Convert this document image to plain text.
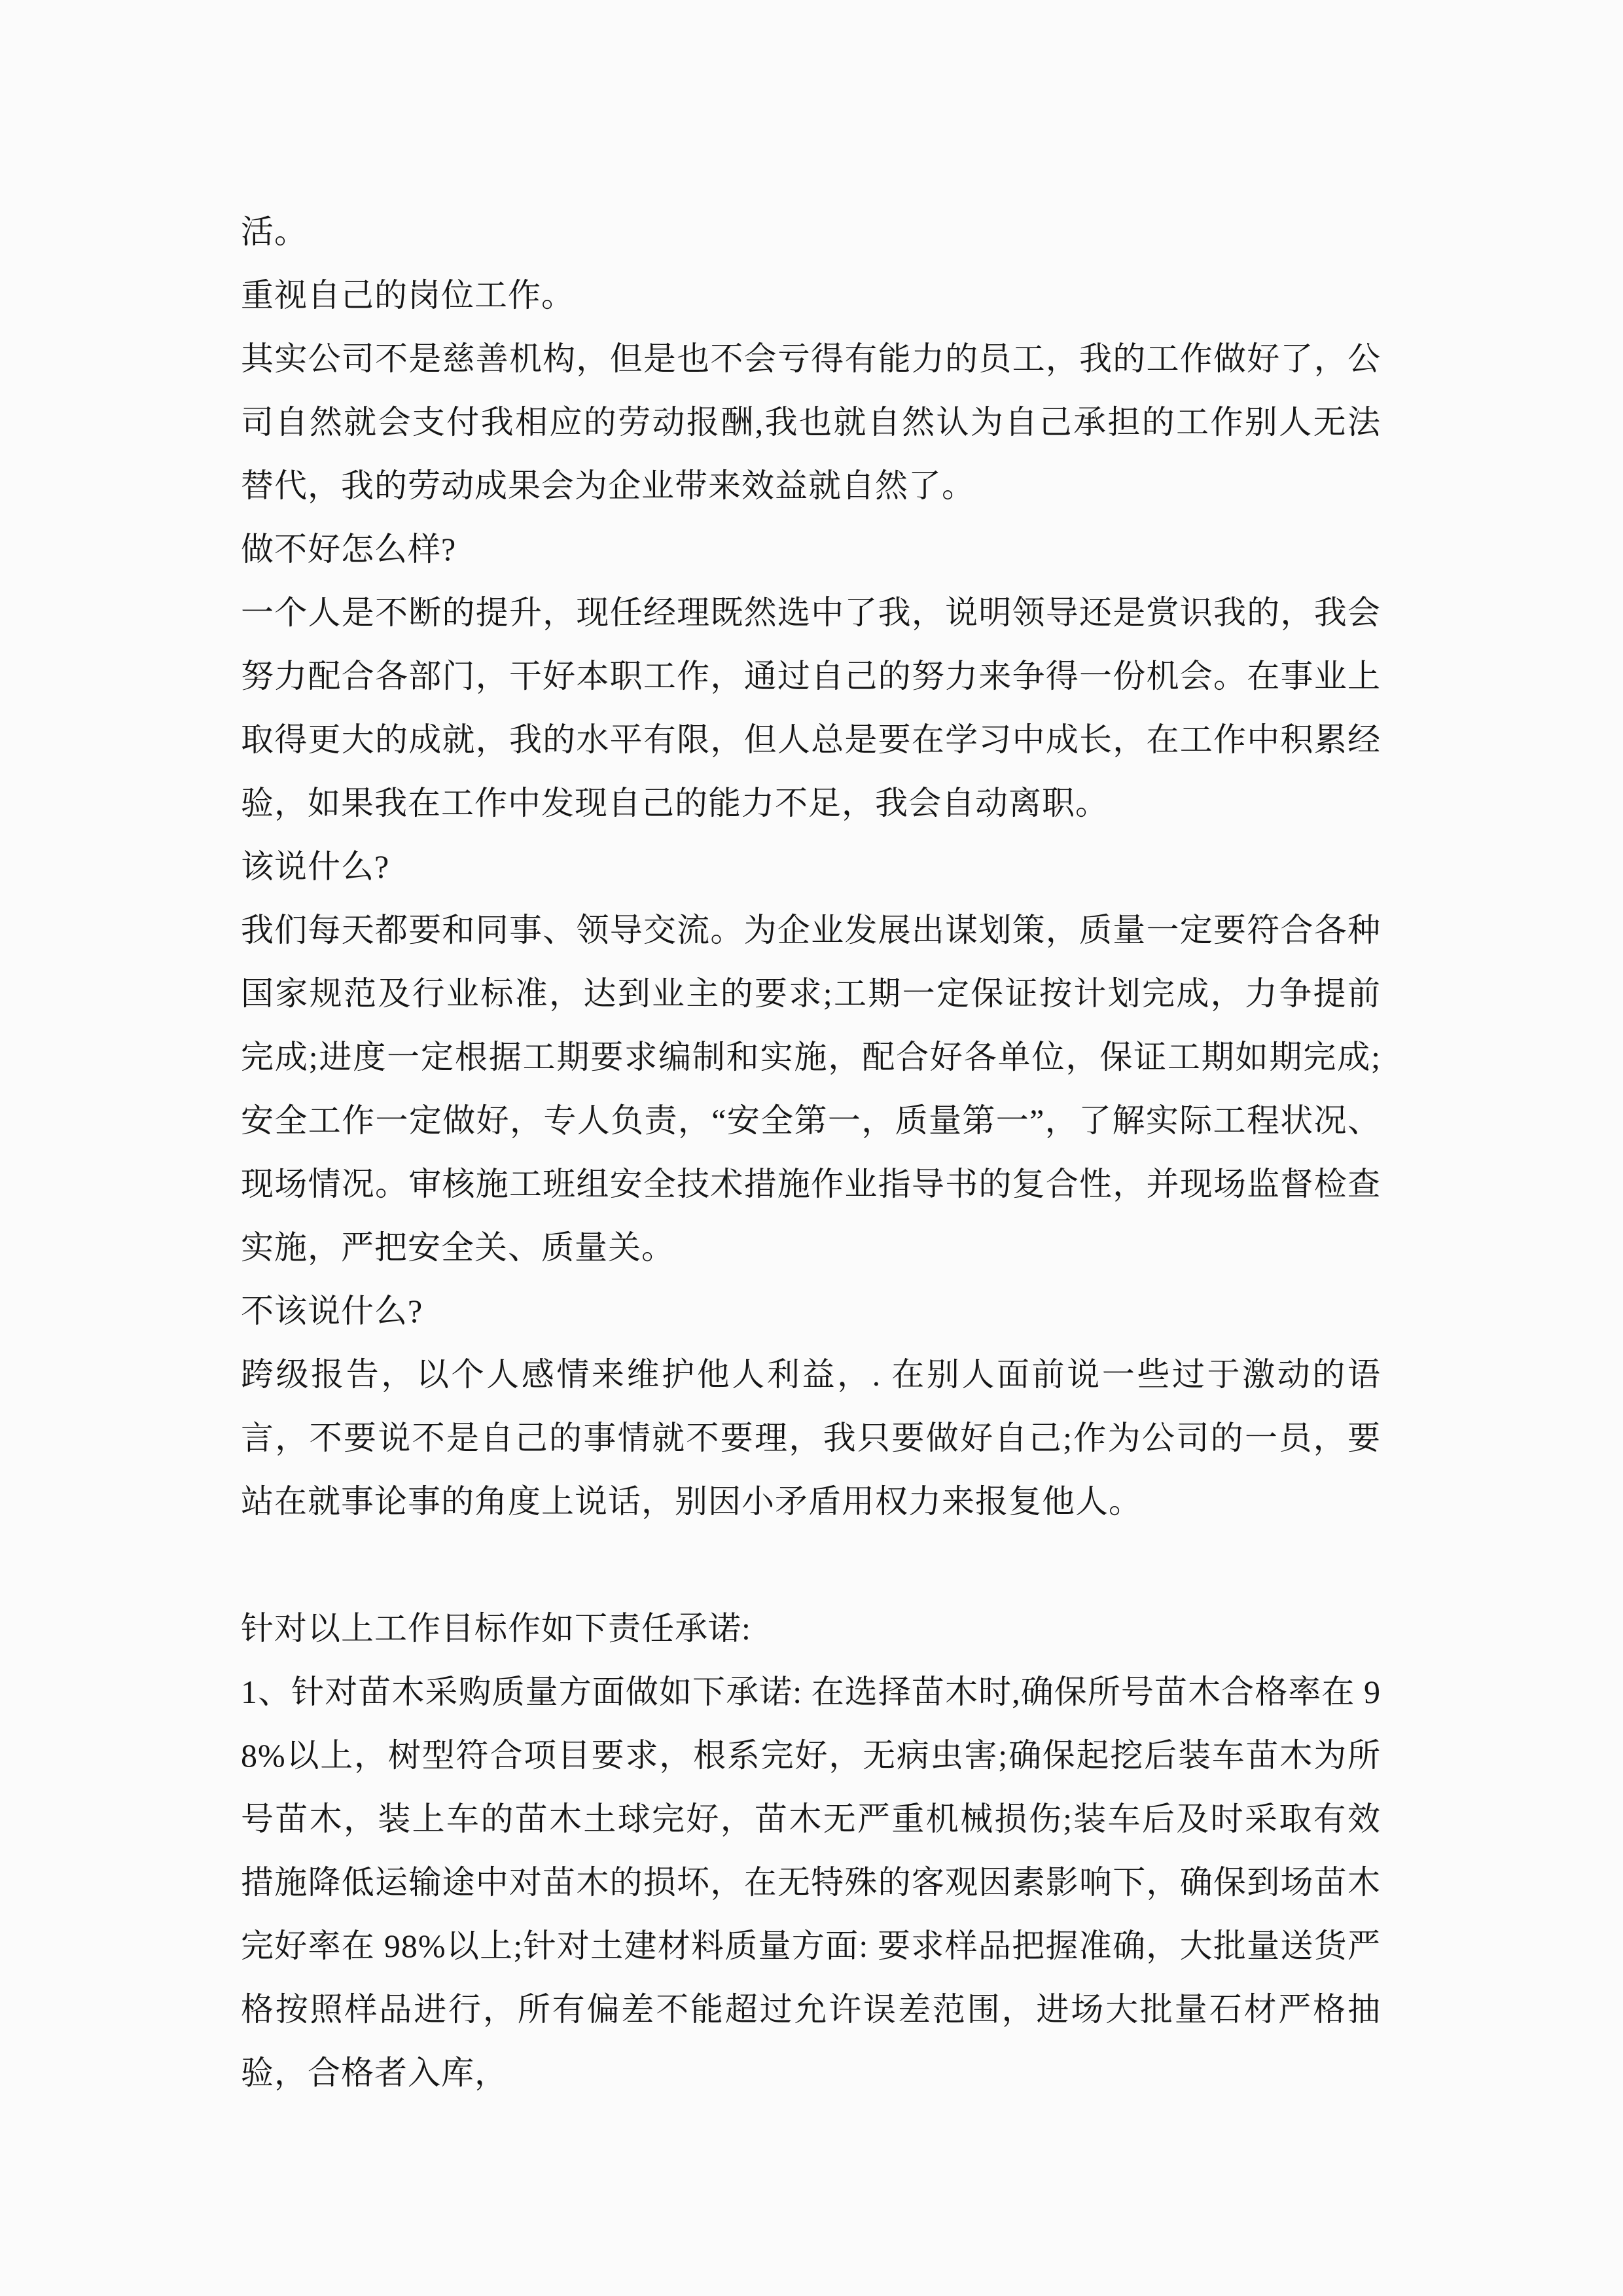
活。

重视自己的岗位工作。

其实公司不是慈善机构，但是也不会亏得有能力的员工，我的工作做好了，公司自然就会支付我相应的劳动报酬,我也就自然认为自己承担的工作别人无法替代，我的劳动成果会为企业带来效益就自然了。

做不好怎么样?

一个人是不断的提升，现任经理既然选中了我，说明领导还是赏识我的，我会努力配合各部门，干好本职工作，通过自己的努力来争得一份机会。在事业上取得更大的成就，我的水平有限，但人总是要在学习中成长，在工作中积累经验，如果我在工作中发现自己的能力不足，我会自动离职。

该说什么?

我们每天都要和同事、领导交流。为企业发展出谋划策，质量一定要符合各种国家规范及行业标准，达到业主的要求;工期一定保证按计划完成，力争提前完成;进度一定根据工期要求编制和实施，配合好各单位，保证工期如期完成;安全工作一定做好，专人负责，“安全第一，质量第一”，了解实际工程状况、现场情况。审核施工班组安全技术措施作业指导书的复合性，并现场监督检查实施，严把安全关、质量关。

不该说什么?

跨级报告，以个人感情来维护他人利益，. 在别人面前说一些过于激动的语言，不要说不是自己的事情就不要理，我只要做好自己;作为公司的一员，要站在就事论事的角度上说话，别因小矛盾用权力来报复他人。

针对以上工作目标作如下责任承诺:

1、针对苗木采购质量方面做如下承诺: 在选择苗木时,确保所号苗木合格率在 98%以上，树型符合项目要求，根系完好，无病虫害;确保起挖后装车苗木为所号苗木，装上车的苗木土球完好，苗木无严重机械损伤;装车后及时采取有效措施降低运输途中对苗木的损坏，在无特殊的客观因素影响下，确保到场苗木完好率在 98%以上;针对土建材料质量方面: 要求样品把握准确，大批量送货严格按照样品进行，所有偏差不能超过允许误差范围，进场大批量石材严格抽验，合格者入库，
